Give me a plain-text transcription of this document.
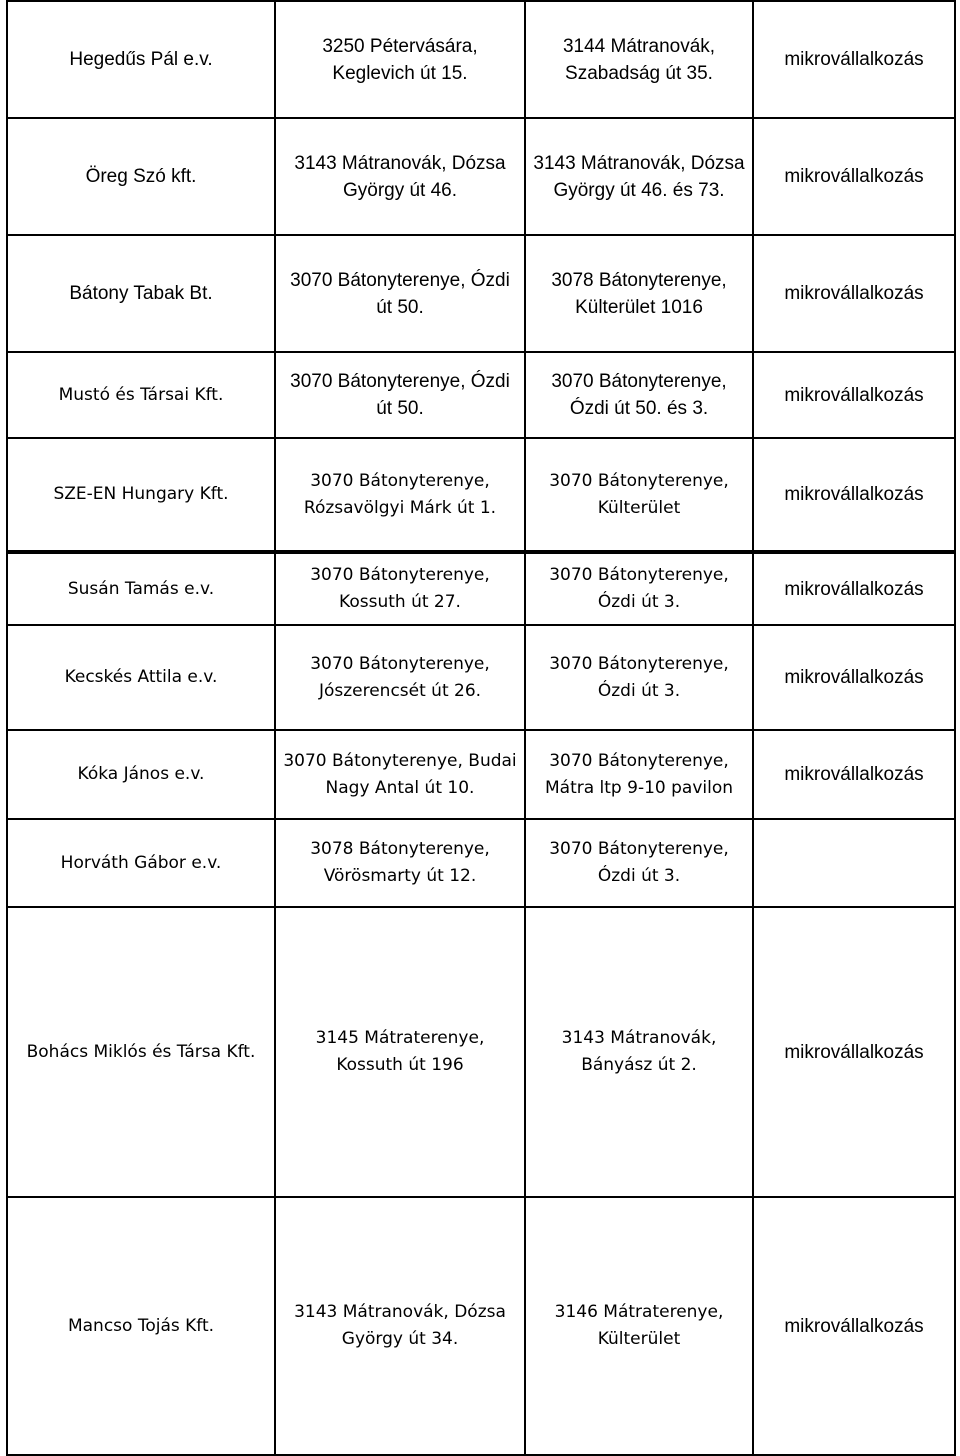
Hegedűs Pál e.v.	3250 Pétervására, Keglevich út 15.	3144 Mátranovák, Szabadság út 35.	mikrovállalkozás
Öreg Szó kft.	3143 Mátranovák, Dózsa György út 46.	3143 Mátranovák, Dózsa György út 46. és 73.	mikrovállalkozás
Bátony Tabak Bt.	3070 Bátonyterenye, Ózdi út 50.	3078 Bátonyterenye, Külterület 1016	mikrovállalkozás
Mustó és Társai Kft.	3070 Bátonyterenye, Ózdi út 50.	3070 Bátonyterenye, Ózdi út 50. és 3.	mikrovállalkozás
SZE-EN Hungary Kft.	3070 Bátonyterenye, Rózsavölgyi Márk út 1.	3070 Bátonyterenye, Külterület	mikrovállalkozás
Susán Tamás e.v.	3070 Bátonyterenye, Kossuth út 27.	3070 Bátonyterenye, Ózdi út 3.	mikrovállalkozás
Kecskés Attila e.v.	3070 Bátonyterenye, Jószerencsét út 26.	3070 Bátonyterenye, Ózdi út 3.	mikrovállalkozás
Kóka János e.v.	3070 Bátonyterenye, Budai Nagy Antal út 10.	3070 Bátonyterenye, Mátra ltp 9-10 pavilon	mikrovállalkozás
Horváth Gábor e.v.	3078 Bátonyterenye, Vörösmarty út 12.	3070 Bátonyterenye, Ózdi út 3.	
Bohács Miklós és Társa Kft.	3145 Mátraterenye, Kossuth út 196	3143 Mátranovák, Bányász út 2.	mikrovállalkozás
Mancso Tojás Kft.	3143 Mátranovák, Dózsa György út 34.	3146 Mátraterenye, Külterület	mikrovállalkozás
